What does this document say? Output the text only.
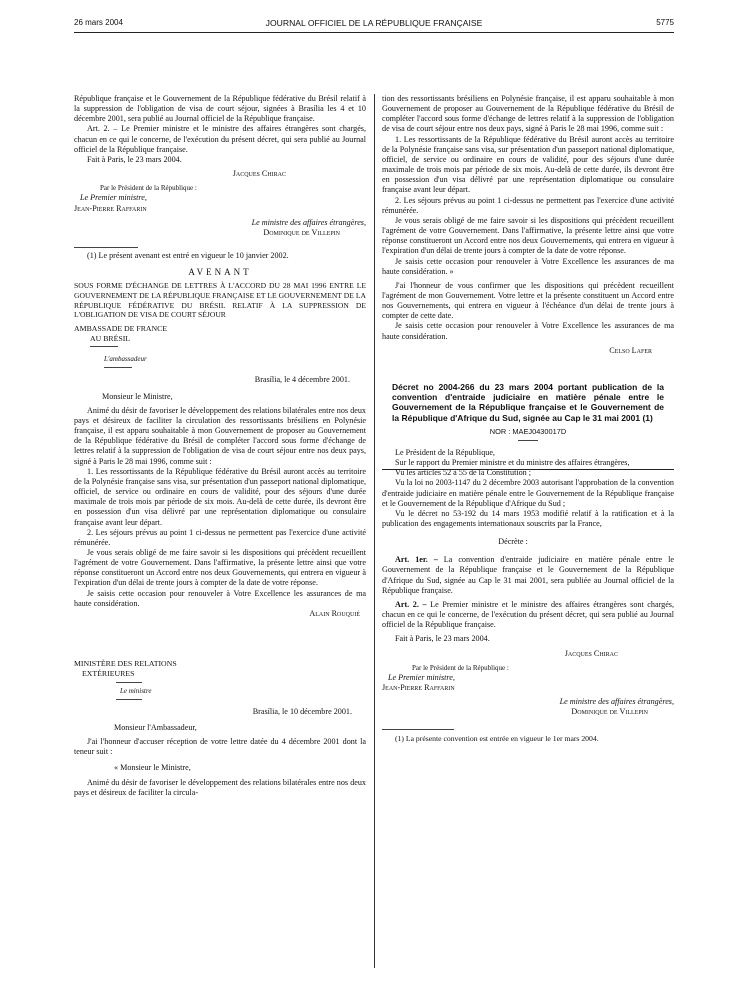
26 mars 2004	JOURNAL OFFICIEL DE LA RÉPUBLIQUE FRANÇAISE	5775

République française et le Gouvernement de la République fédérative du Brésil relatif à la suppression de l'obligation de visa de court séjour, signées à Brasília les 4 et 10 décembre 2001, sera publié au Journal officiel de la République française.

Art. 2. – Le Premier ministre et le ministre des affaires étrangères sont chargés, chacun en ce qui le concerne, de l'exécution du présent décret, qui sera publié au Journal officiel de la République française.

Fait à Paris, le 23 mars 2004.

Jacques Chirac

Par le Président de la République :

Le Premier ministre,

Jean-Pierre Raffarin

Le ministre des affaires étrangères,

Dominique de Villepin

(1) Le présent avenant est entré en vigueur le 10 janvier 2002.

AVENANT

SOUS FORME D'ÉCHANGE DE LETTRES À L'ACCORD DU 28 MAI 1996 ENTRE LE GOUVERNEMENT DE LA RÉPUBLIQUE FRANÇAISE ET LE GOUVERNEMENT DE LA RÉPUBLIQUE FÉDÉRATIVE DU BRÉSIL RELATIF À LA SUPPRESSION DE L'OBLIGATION DE VISA DE COURT SÉJOUR

AMBASSADE DE FRANCE

AU BRÉSIL

L'ambassadeur

Brasília, le 4 décembre 2001.

Monsieur le Ministre,

Animé du désir de favoriser le développement des relations bilatérales entre nos deux pays et désireux de faciliter la circulation des ressortissants brésiliens en Polynésie française, il est apparu souhaitable à mon Gouvernement de proposer au Gouvernement de la République fédérative du Brésil de compléter l'accord sous forme d'échange de lettres relatif à la suppression de l'obligation de visa de court séjour entre nos deux pays, signé à Paris le 28 mai 1996, comme suit :

1. Les ressortissants de la République fédérative du Brésil auront accès au territoire de la Polynésie française sans visa, sur présentation d'un passeport national diplomatique, officiel, de service ou ordinaire en cours de validité, pour des séjours d'une durée maximale de trois mois par période de six mois. Au-delà de cette durée, ils devront être en possession d'un visa délivré par une représentation diplomatique ou consulaire française avant leur départ.

2. Les séjours prévus au point 1 ci-dessus ne permettent pas l'exercice d'une activité rémunérée.

Je vous serais obligé de me faire savoir si les dispositions qui précèdent recueillent l'agrément de votre Gouvernement. Dans l'affirmative, la présente lettre ainsi que votre réponse constitueront un Accord entre nos deux Gouvernements, qui entrera en vigueur à l'expiration d'un délai de trente jours à compter de la date de votre réponse.

Je saisis cette occasion pour renouveler à Votre Excellence les assurances de ma haute considération.

Alain Rouquié

MINISTÈRE DES RELATIONS

EXTÉRIEURES

Le ministre

Brasília, le 10 décembre 2001.

Monsieur l'Ambassadeur,

J'ai l'honneur d'accuser réception de votre lettre datée du 4 décembre 2001 dont la teneur suit :

« Monsieur le Ministre,

Animé du désir de favoriser le développement des relations bilatérales entre nos deux pays et désireux de faciliter la circula-

tion des ressortissants brésiliens en Polynésie française, il est apparu souhaitable à mon Gouvernement de proposer au Gouvernement de la République fédérative du Brésil de compléter l'accord sous forme d'échange de lettres relatif à la suppression de l'obligation de visa de court séjour entre nos deux pays, signé à Paris le 28 mai 1996, comme suit :

1. Les ressortissants de la République fédérative du Brésil auront accès au territoire de la Polynésie française sans visa, sur présentation d'un passeport national diplomatique, officiel, de service ou ordinaire en cours de validité, pour des séjours d'une durée maximale de trois mois par période de six mois. Au-delà de cette durée, ils devront être en possession d'un visa délivré par une représentation diplomatique ou consulaire française avant leur départ.

2. Les séjours prévus au point 1 ci-dessus ne permettent pas l'exercice d'une activité rémunérée.

Je vous serais obligé de me faire savoir si les dispositions qui précèdent recueillent l'agrément de votre Gouvernement. Dans l'affirmative, la présente lettre ainsi que votre réponse constitueront un Accord entre nos deux Gouvernements, qui entrera en vigueur à l'expiration d'un délai de trente jours à compter de la date de votre réponse.

Je saisis cette occasion pour renouveler à Votre Excellence les assurances de ma haute considération. »

J'ai l'honneur de vous confirmer que les dispositions qui précèdent recueillent l'agrément de mon Gouvernement. Votre lettre et la présente constituent un Accord entre nos Gouvernements, qui entrera en vigueur à l'échéance d'un délai de trente jours à compter de cette date.

Je saisis cette occasion pour renouveler à Votre Excellence les assurances de ma haute considération.

Celso Lafer

Décret no 2004-266 du 23 mars 2004 portant publication de la convention d'entraide judiciaire en matière pénale entre le Gouvernement de la République française et le Gouvernement de la République d'Afrique du Sud, signée au Cap le 31 mai 2001 (1)

NOR : MAEJ0430017D

Le Président de la République,

Sur le rapport du Premier ministre et du ministre des affaires étrangères,

Vu les articles 52 à 55 de la Constitution ;

Vu la loi no 2003-1147 du 2 décembre 2003 autorisant l'approbation de la convention d'entraide judiciaire en matière pénale entre le Gouvernement de la République française et le Gouvernement de la République d'Afrique du Sud ;

Vu le décret no 53-192 du 14 mars 1953 modifié relatif à la ratification et à la publication des engagements internationaux souscrits par la France,

Décrète :

Art. 1er. – La convention d'entraide judiciaire en matière pénale entre le Gouvernement de la République française et le Gouvernement de la République d'Afrique du Sud, signée au Cap le 31 mai 2001, sera publiée au Journal officiel de la République française.

Art. 2. – Le Premier ministre et le ministre des affaires étrangères sont chargés, chacun en ce qui le concerne, de l'exécution du présent décret, qui sera publié au Journal officiel de la République française.

Fait à Paris, le 23 mars 2004.

Jacques Chirac

Par le Président de la République :

Le Premier ministre,

Jean-Pierre Raffarin

Le ministre des affaires étrangères,

Dominique de Villepin

(1) La présente convention est entrée en vigueur le 1er mars 2004.
